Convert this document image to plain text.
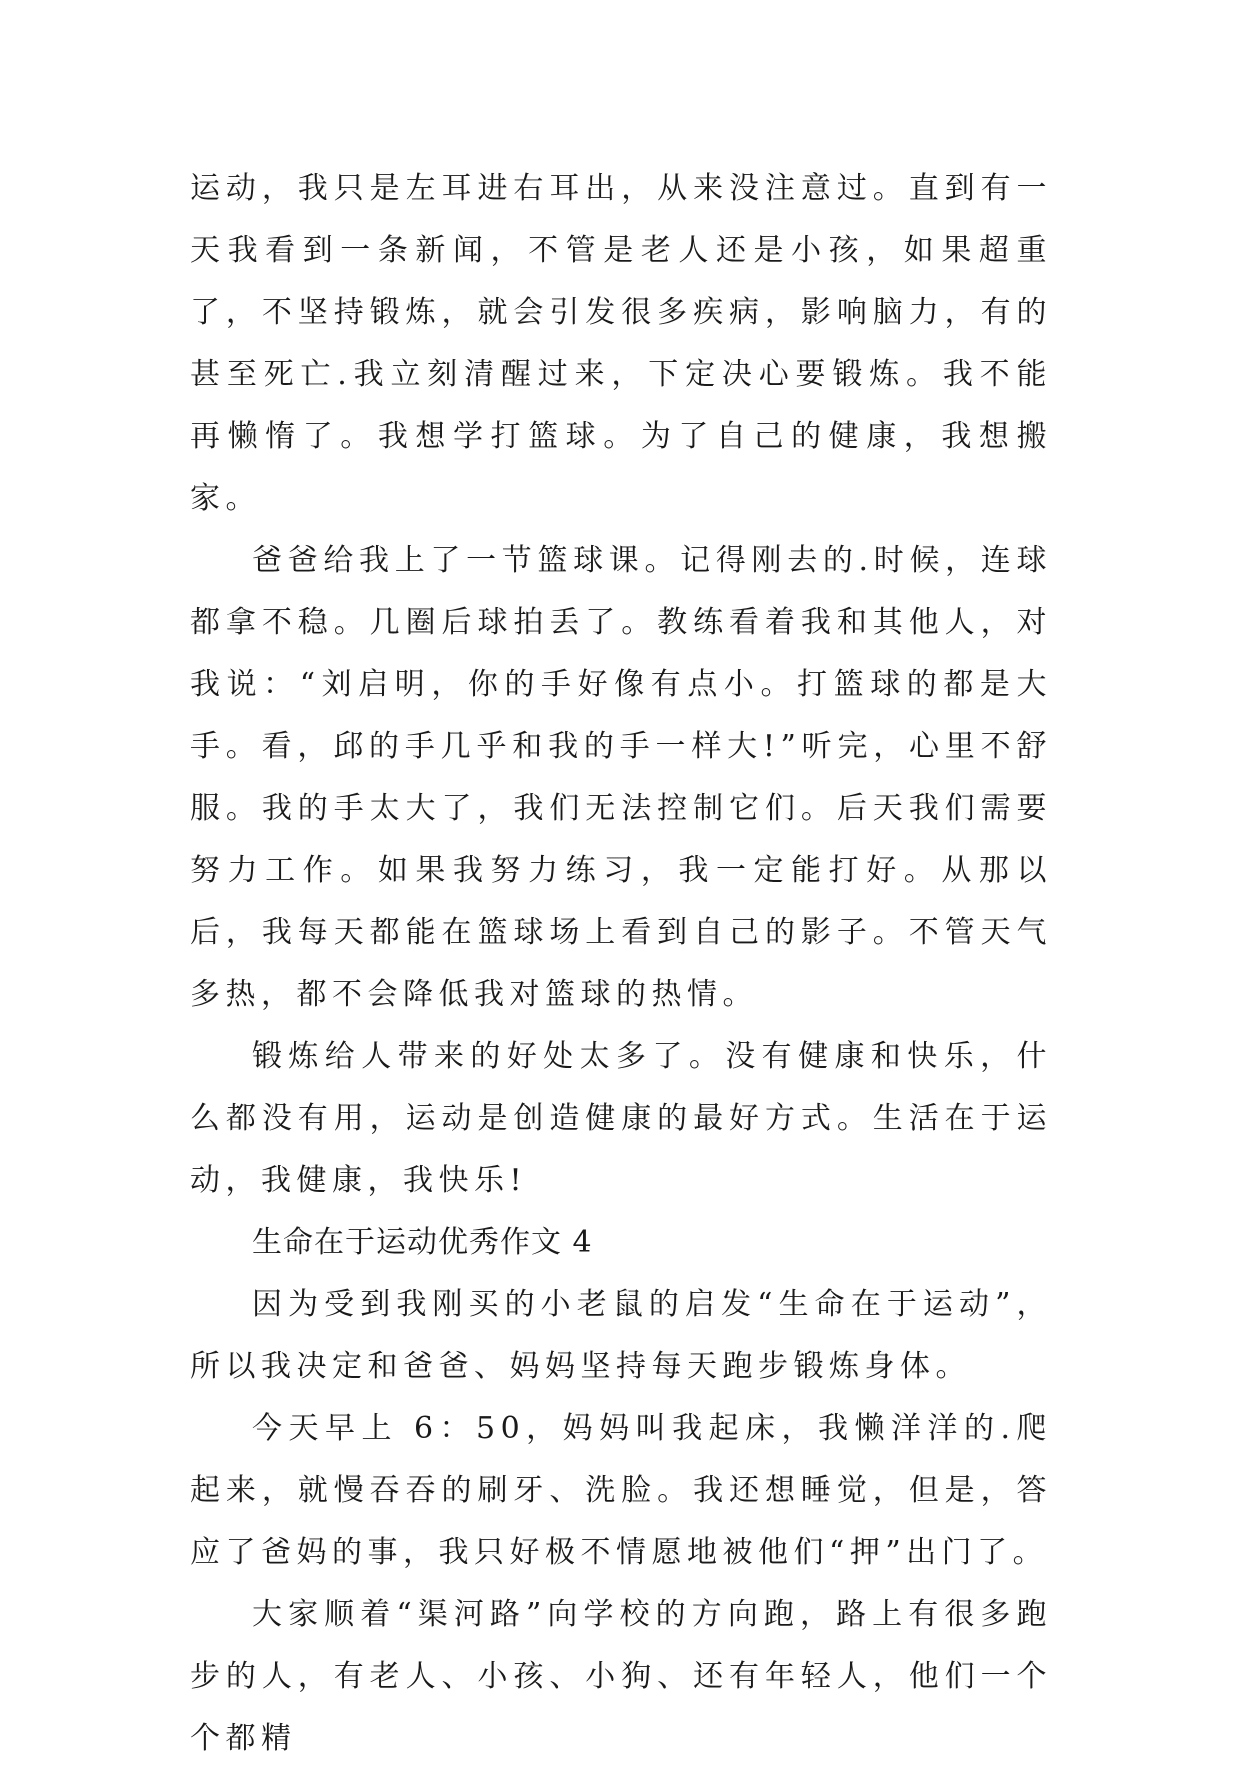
运动，我只是左耳进右耳出，从来没注意过。直到有一天我看到一条新闻，不管是老人还是小孩，如果超重了，不坚持锻炼，就会引发很多疾病，影响脑力，有的甚至死亡.我立刻清醒过来，下定决心要锻炼。我不能再懒惰了。我想学打篮球。为了自己的健康，我想搬家。

爸爸给我上了一节篮球课。记得刚去的.时候，连球都拿不稳。几圈后球拍丢了。教练看着我和其他人，对我说：“刘启明，你的手好像有点小。打篮球的都是大手。看，邱的手几乎和我的手一样大!”听完，心里不舒服。我的手太大了，我们无法控制它们。后天我们需要努力工作。如果我努力练习，我一定能打好。从那以后，我每天都能在篮球场上看到自己的影子。不管天气多热，都不会降低我对篮球的热情。

锻炼给人带来的好处太多了。没有健康和快乐，什么都没有用，运动是创造健康的最好方式。生活在于运动，我健康，我快乐!

生命在于运动优秀作文 4

因为受到我刚买的小老鼠的启发“生命在于运动”，所以我决定和爸爸、妈妈坚持每天跑步锻炼身体。

今天早上 6：50，妈妈叫我起床，我懒洋洋的.爬起来，就慢吞吞的刷牙、洗脸。我还想睡觉，但是，答应了爸妈的事，我只好极不情愿地被他们“押”出门了。

大家顺着“渠河路”向学校的方向跑，路上有很多跑步的人，有老人、小孩、小狗、还有年轻人，他们一个个都精
